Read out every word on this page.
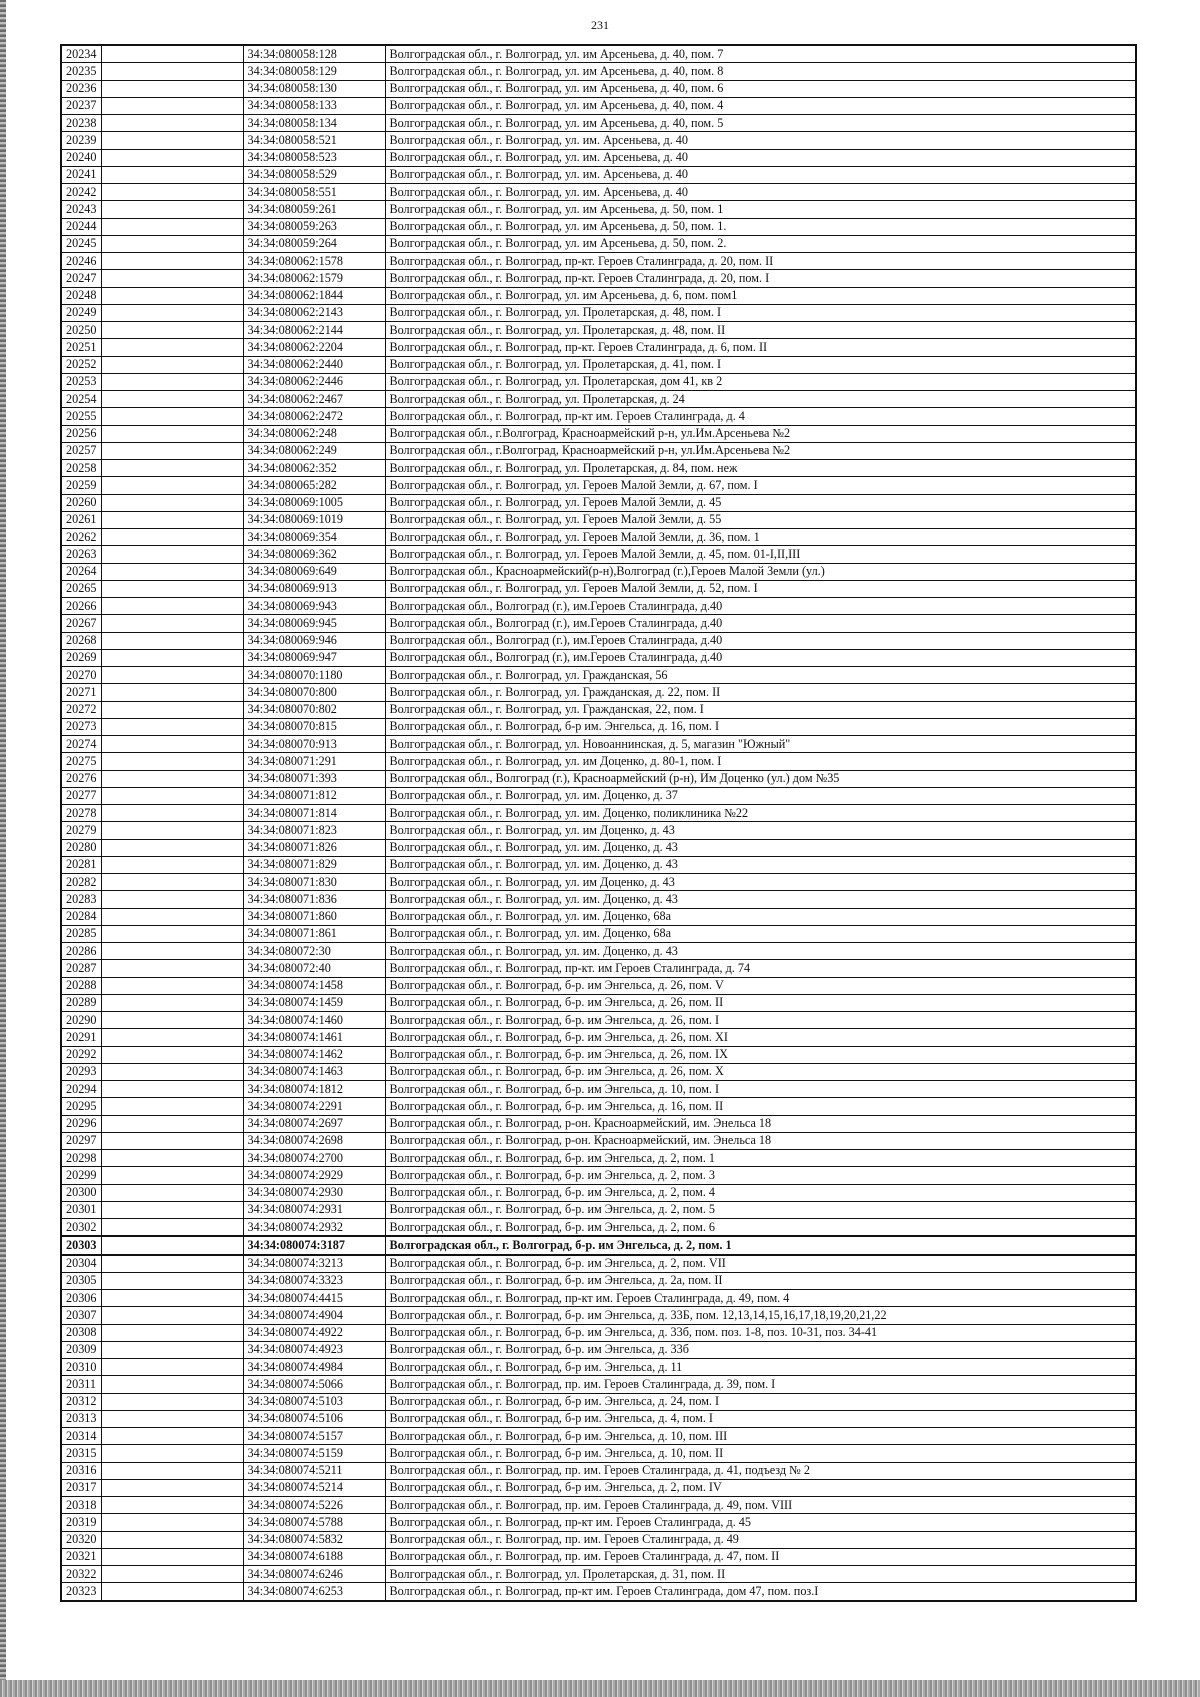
231
20234		34:34:080058:128	Волгоградская обл., г. Волгоград, ул. им Арсеньева, д. 40, пом. 7
20235		34:34:080058:129	Волгоградская обл., г. Волгоград, ул. им Арсеньева, д. 40, пом. 8
20236		34:34:080058:130	Волгоградская обл., г. Волгоград, ул. им Арсеньева, д. 40, пом. 6
20237		34:34:080058:133	Волгоградская обл., г. Волгоград, ул. им Арсеньева, д. 40, пом. 4
20238		34:34:080058:134	Волгоградская обл., г. Волгоград, ул. им Арсеньева, д. 40, пом. 5
20239		34:34:080058:521	Волгоградская обл., г. Волгоград, ул. им. Арсеньева, д. 40
20240		34:34:080058:523	Волгоградская обл., г. Волгоград, ул. им. Арсеньева, д. 40
20241		34:34:080058:529	Волгоградская обл., г. Волгоград, ул. им. Арсеньева, д. 40
20242		34:34:080058:551	Волгоградская обл., г. Волгоград, ул. им. Арсеньева, д. 40
20243		34:34:080059:261	Волгоградская обл., г. Волгоград, ул. им Арсеньева, д. 50, пом. 1
20244		34:34:080059:263	Волгоградская обл., г. Волгоград, ул. им Арсеньева, д. 50, пом. 1.
20245		34:34:080059:264	Волгоградская обл., г. Волгоград, ул. им Арсеньева, д. 50, пом. 2.
20246		34:34:080062:1578	Волгоградская обл., г. Волгоград, пр-кт. Героев Сталинграда, д. 20, пом. II
20247		34:34:080062:1579	Волгоградская обл., г. Волгоград, пр-кт. Героев Сталинграда, д. 20, пом. I
20248		34:34:080062:1844	Волгоградская обл., г. Волгоград, ул. им Арсеньева, д. 6, пом. пом1
20249		34:34:080062:2143	Волгоградская обл., г. Волгоград, ул. Пролетарская, д. 48, пом. I
20250		34:34:080062:2144	Волгоградская обл., г. Волгоград, ул. Пролетарская, д. 48, пом. II
20251		34:34:080062:2204	Волгоградская обл., г. Волгоград, пр-кт. Героев Сталинграда, д. 6, пом. II
20252		34:34:080062:2440	Волгоградская обл., г. Волгоград, ул. Пролетарская, д. 41, пом. I
20253		34:34:080062:2446	Волгоградская обл., г. Волгоград, ул. Пролетарская, дом 41, кв 2
20254		34:34:080062:2467	Волгоградская обл., г. Волгоград, ул. Пролетарская, д. 24
20255		34:34:080062:2472	Волгоградская обл., г. Волгоград, пр-кт им. Героев Сталинграда, д. 4
20256		34:34:080062:248	Волгоградская обл., г.Волгоград, Красноармейский р-н, ул.Им.Арсеньева №2
20257		34:34:080062:249	Волгоградская обл., г.Волгоград, Красноармейский р-н, ул.Им.Арсеньева №2
20258		34:34:080062:352	Волгоградская обл., г. Волгоград, ул. Пролетарская, д. 84, пом. неж
20259		34:34:080065:282	Волгоградская обл., г. Волгоград, ул. Героев Малой Земли, д. 67, пом. I
20260		34:34:080069:1005	Волгоградская обл., г. Волгоград, ул. Героев Малой Земли, д. 45
20261		34:34:080069:1019	Волгоградская обл., г. Волгоград, ул. Героев Малой Земли, д. 55
20262		34:34:080069:354	Волгоградская обл., г. Волгоград, ул. Героев Малой Земли, д. 36, пом. 1
20263		34:34:080069:362	Волгоградская обл., г. Волгоград, ул. Героев Малой Земли, д. 45, пом. 01-I,II,III
20264		34:34:080069:649	Волгоградская обл., Красноармейский(р-н),Волгоград (г.),Героев Малой Земли (ул.)
20265		34:34:080069:913	Волгоградская обл., г. Волгоград, ул. Героев Малой Земли, д. 52, пом. I
20266		34:34:080069:943	Волгоградская обл., Волгоград (г.), им.Героев Сталинграда, д.40
20267		34:34:080069:945	Волгоградская обл., Волгоград (г.), им.Героев Сталинграда, д.40
20268		34:34:080069:946	Волгоградская обл., Волгоград (г.), им.Героев Сталинграда, д.40
20269		34:34:080069:947	Волгоградская обл., Волгоград (г.), им.Героев Сталинграда, д.40
20270		34:34:080070:1180	Волгоградская обл., г. Волгоград, ул. Гражданская, 56
20271		34:34:080070:800	Волгоградская обл., г. Волгоград, ул. Гражданская, д. 22, пом. II
20272		34:34:080070:802	Волгоградская обл., г. Волгоград, ул. Гражданская, 22, пом. I
20273		34:34:080070:815	Волгоградская обл., г. Волгоград, б-р им. Энгельса, д. 16, пом. I
20274		34:34:080070:913	Волгоградская обл., г. Волгоград, ул. Новоаннинская, д. 5, магазин "Южный"
20275		34:34:080071:291	Волгоградская обл., г. Волгоград, ул. им Доценко, д. 80-1, пом. I
20276		34:34:080071:393	Волгоградская обл., Волгоград (г.), Красноармейский (р-н), Им Доценко (ул.) дом №35
20277		34:34:080071:812	Волгоградская обл., г. Волгоград, ул. им. Доценко, д. 37
20278		34:34:080071:814	Волгоградская обл., г. Волгоград, ул. им. Доценко, поликлиника №22
20279		34:34:080071:823	Волгоградская обл., г. Волгоград, ул. им Доценко, д. 43
20280		34:34:080071:826	Волгоградская обл., г. Волгоград, ул. им. Доценко, д. 43
20281		34:34:080071:829	Волгоградская обл., г. Волгоград, ул. им. Доценко, д. 43
20282		34:34:080071:830	Волгоградская обл., г. Волгоград, ул. им Доценко, д. 43
20283		34:34:080071:836	Волгоградская обл., г. Волгоград, ул. им. Доценко, д. 43
20284		34:34:080071:860	Волгоградская обл., г. Волгоград, ул. им. Доценко, 68а
20285		34:34:080071:861	Волгоградская обл., г. Волгоград, ул. им. Доценко, 68а
20286		34:34:080072:30	Волгоградская обл., г. Волгоград, ул. им. Доценко, д. 43
20287		34:34:080072:40	Волгоградская обл., г. Волгоград, пр-кт. им Героев Сталинграда, д. 74
20288		34:34:080074:1458	Волгоградская обл., г. Волгоград, б-р. им Энгельса, д. 26, пом. V
20289		34:34:080074:1459	Волгоградская обл., г. Волгоград, б-р. им Энгельса, д. 26, пом. II
20290		34:34:080074:1460	Волгоградская обл., г. Волгоград, б-р. им Энгельса, д. 26, пом. I
20291		34:34:080074:1461	Волгоградская обл., г. Волгоград, б-р. им Энгельса, д. 26, пом. XI
20292		34:34:080074:1462	Волгоградская обл., г. Волгоград, б-р. им Энгельса, д. 26, пом. IX
20293		34:34:080074:1463	Волгоградская обл., г. Волгоград, б-р. им Энгельса, д. 26, пом. X
20294		34:34:080074:1812	Волгоградская обл., г. Волгоград, б-р. им Энгельса, д. 10, пом. I
20295		34:34:080074:2291	Волгоградская обл., г. Волгоград, б-р. им Энгельса, д. 16, пом. II
20296		34:34:080074:2697	Волгоградская обл., г. Волгоград, р-он. Красноармейский, им. Энельса 18
20297		34:34:080074:2698	Волгоградская обл., г. Волгоград, р-он. Красноармейский, им. Энельса 18
20298		34:34:080074:2700	Волгоградская обл., г. Волгоград, б-р. им Энгельса, д. 2, пом. 1
20299		34:34:080074:2929	Волгоградская обл., г. Волгоград, б-р. им Энгельса, д. 2, пом. 3
20300		34:34:080074:2930	Волгоградская обл., г. Волгоград, б-р. им Энгельса, д. 2, пом. 4
20301		34:34:080074:2931	Волгоградская обл., г. Волгоград, б-р. им Энгельса, д. 2, пом. 5
20302		34:34:080074:2932	Волгоградская обл., г. Волгоград, б-р. им Энгельса, д. 2, пом. 6
20303		34:34:080074:3187	Волгоградская обл., г. Волгоград, б-р. им Энгельса, д. 2, пом. 1
20304		34:34:080074:3213	Волгоградская обл., г. Волгоград, б-р. им Энгельса, д. 2, пом. VII
20305		34:34:080074:3323	Волгоградская обл., г. Волгоград, б-р. им Энгельса, д. 2а, пом. II
20306		34:34:080074:4415	Волгоградская обл., г. Волгоград, пр-кт им. Героев Сталинграда, д. 49, пом. 4
20307		34:34:080074:4904	Волгоградская обл., г. Волгоград, б-р. им Энгельса, д. 33Б, пом. 12,13,14,15,16,17,18,19,20,21,22
20308		34:34:080074:4922	Волгоградская обл., г. Волгоград, б-р. им Энгельса, д. 33б, пом. поз. 1-8, поз. 10-31, поз. 34-41
20309		34:34:080074:4923	Волгоградская обл., г. Волгоград, б-р. им Энгельса, д. 33б
20310		34:34:080074:4984	Волгоградская обл., г. Волгоград, б-р им. Энгельса, д. 11
20311		34:34:080074:5066	Волгоградская обл., г. Волгоград, пр. им. Героев Сталинграда, д. 39, пом. I
20312		34:34:080074:5103	Волгоградская обл., г. Волгоград, б-р им. Энгельса, д. 24, пом. I
20313		34:34:080074:5106	Волгоградская обл., г. Волгоград, б-р им. Энгельса, д. 4, пом. I
20314		34:34:080074:5157	Волгоградская обл., г. Волгоград, б-р им. Энгельса, д. 10, пом. III
20315		34:34:080074:5159	Волгоградская обл., г. Волгоград, б-р им. Энгельса, д. 10, пом. II
20316		34:34:080074:5211	Волгоградская обл., г. Волгоград, пр. им. Героев Сталинграда, д. 41, подъезд № 2
20317		34:34:080074:5214	Волгоградская обл., г. Волгоград, б-р им. Энгельса, д. 2, пом. IV
20318		34:34:080074:5226	Волгоградская обл., г. Волгоград, пр. им. Героев Сталинграда, д. 49, пом. VIII
20319		34:34:080074:5788	Волгоградская обл., г. Волгоград, пр-кт им. Героев Сталинграда, д. 45
20320		34:34:080074:5832	Волгоградская обл., г. Волгоград, пр. им. Героев Сталинграда, д. 49
20321		34:34:080074:6188	Волгоградская обл., г. Волгоград, пр. им. Героев Сталинграда, д. 47, пом. II
20322		34:34:080074:6246	Волгоградская обл., г. Волгоград, ул. Пролетарская, д. 31, пом. II
20323		34:34:080074:6253	Волгоградская обл., г. Волгоград, пр-кт им. Героев Сталинграда, дом 47, пом. поз.I
